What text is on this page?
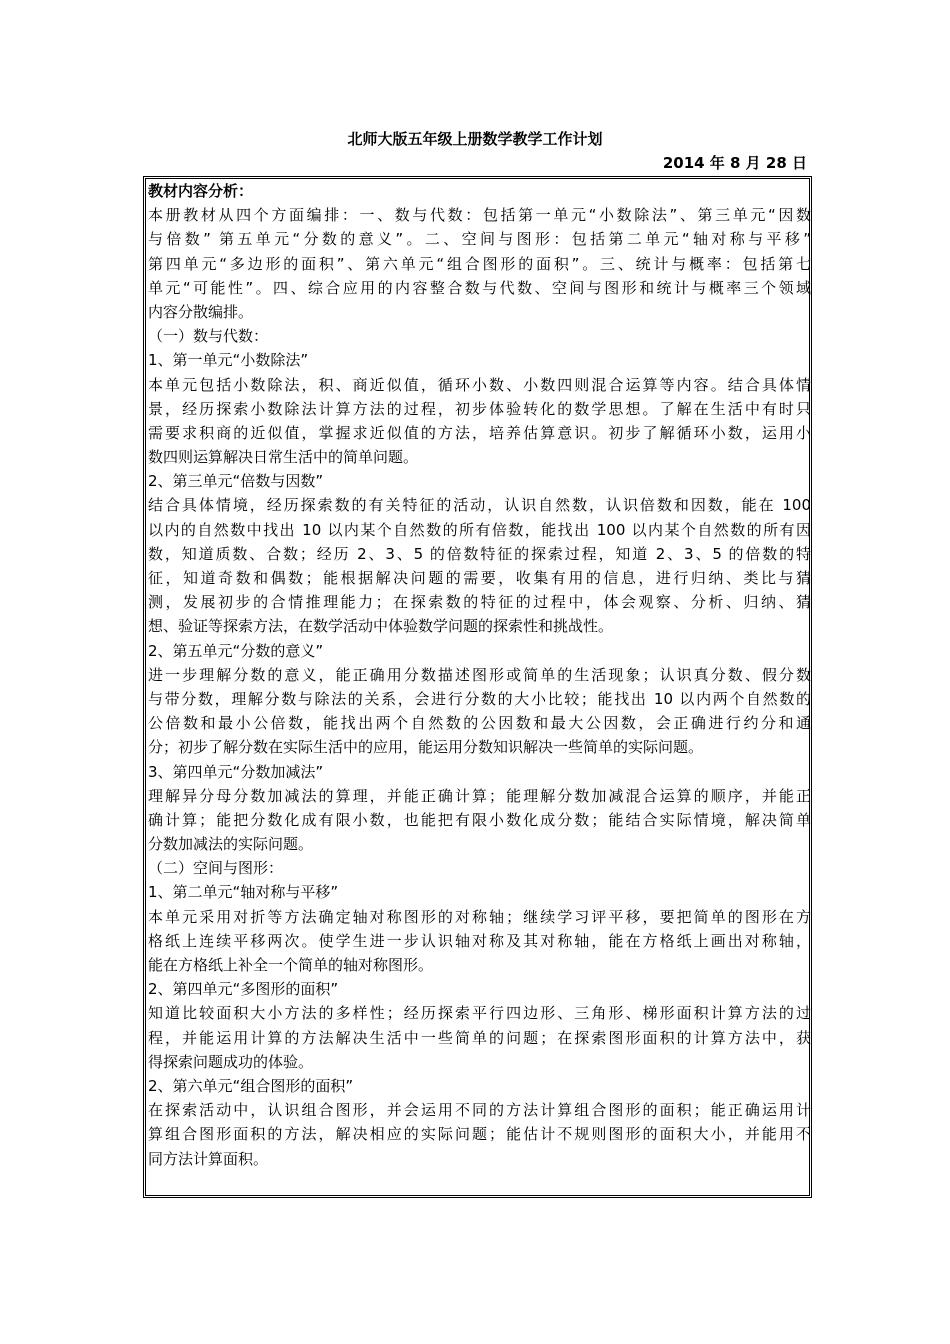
北师大版五年级上册数学教学工作计划
2014 年 8 月 28 日
教材内容分析：
本册教材从四个方面编排：一、数与代数：包括第一单元“小数除法”、第三单元“因数
与倍数” 第五单元“分数的意义”。二、空间与图形：包括第二单元“轴对称与平移”
第四单元“多边形的面积”、第六单元“组合图形的面积”。三、统计与概率：包括第七
单元“可能性”。四、综合应用的内容整合数与代数、空间与图形和统计与概率三个领域
内容分散编排。
（一）数与代数：
1、第一单元“小数除法”
本单元包括小数除法，积、商近似值，循环小数、小数四则混合运算等内容。结合具体情
景，经历探索小数除法计算方法的过程，初步体验转化的数学思想。了解在生活中有时只
需要求积商的近似值，掌握求近似值的方法，培养估算意识。初步了解循环小数，运用小
数四则运算解决日常生活中的简单问题。
2、第三单元“倍数与因数”
结合具体情境，经历探索数的有关特征的活动，认识自然数，认识倍数和因数，能在 100
以内的自然数中找出 10 以内某个自然数的所有倍数，能找出 100 以内某个自然数的所有因
数，知道质数、合数；经历 2、3、5 的倍数特征的探索过程，知道 2、3、5 的倍数的特
征，知道奇数和偶数；能根据解决问题的需要，收集有用的信息，进行归纳、类比与猜
测，发展初步的合情推理能力；在探索数的特征的过程中，体会观察、分析、归纳、猜
想、验证等探索方法，在数学活动中体验数学问题的探索性和挑战性。
2、第五单元“分数的意义”
进一步理解分数的意义，能正确用分数描述图形或简单的生活现象；认识真分数、假分数
与带分数，理解分数与除法的关系，会进行分数的大小比较；能找出 10 以内两个自然数的
公倍数和最小公倍数，能找出两个自然数的公因数和最大公因数，会正确进行约分和通
分；初步了解分数在实际生活中的应用，能运用分数知识解决一些简单的实际问题。
3、第四单元“分数加减法”
理解异分母分数加减法的算理，并能正确计算；能理解分数加减混合运算的顺序，并能正
确计算；能把分数化成有限小数，也能把有限小数化成分数；能结合实际情境，解决简单
分数加减法的实际问题。
（二）空间与图形：
1、第二单元“轴对称与平移”
本单元采用对折等方法确定轴对称图形的对称轴；继续学习评平移，要把简单的图形在方
格纸上连续平移两次。使学生进一步认识轴对称及其对称轴，能在方格纸上画出对称轴，
能在方格纸上补全一个简单的轴对称图形。
2、第四单元“多图形的面积”
知道比较面积大小方法的多样性；经历探索平行四边形、三角形、梯形面积计算方法的过
程，并能运用计算的方法解决生活中一些简单的问题；在探索图形面积的计算方法中，获
得探索问题成功的体验。
2、第六单元“组合图形的面积”
在探索活动中，认识组合图形，并会运用不同的方法计算组合图形的面积；能正确运用计
算组合图形面积的方法，解决相应的实际问题；能估计不规则图形的面积大小，并能用不
同方法计算面积。
